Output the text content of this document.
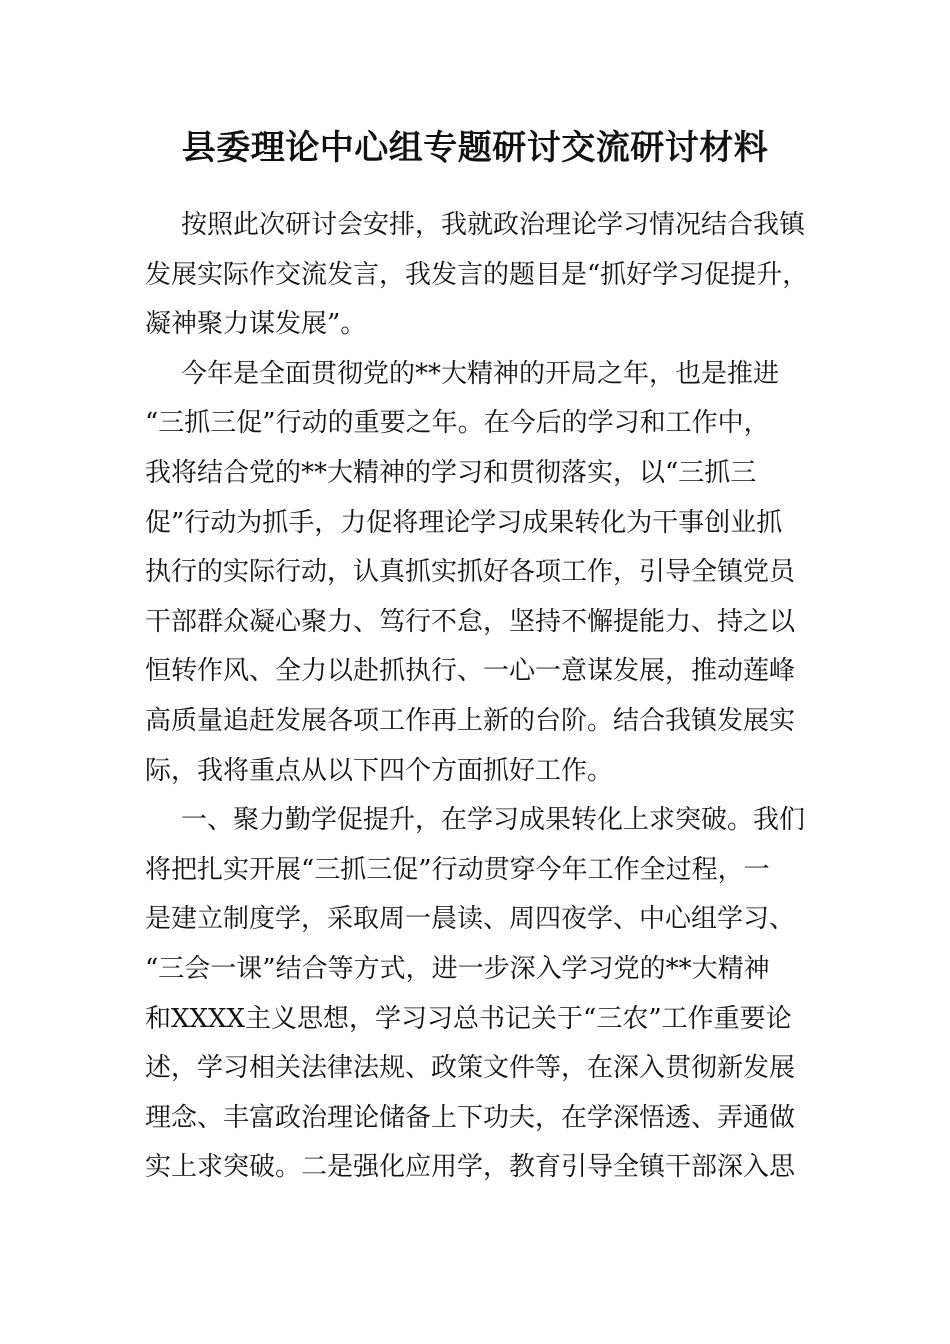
县委理论中心组专题研讨交流研讨材料

按照此次研讨会安排，我就政治理论学习情况结合我镇
发展实际作交流发言，我发言的题目是“抓好学习促提升，
凝神聚力谋发展”。

今年是全面贯彻党的**大精神的开局之年，也是推进
“三抓三促”行动的重要之年。在今后的学习和工作中，
我将结合党的**大精神的学习和贯彻落实，以“三抓三
促”行动为抓手，力促将理论学习成果转化为干事创业抓
执行的实际行动，认真抓实抓好各项工作，引导全镇党员
干部群众凝心聚力、笃行不怠，坚持不懈提能力、持之以
恒转作风、全力以赴抓执行、一心一意谋发展，推动莲峰
高质量追赶发展各项工作再上新的台阶。结合我镇发展实
际，我将重点从以下四个方面抓好工作。

一、聚力勤学促提升，在学习成果转化上求突破。我们
将把扎实开展“三抓三促”行动贯穿今年工作全过程，一
是建立制度学，采取周一晨读、周四夜学、中心组学习、
“三会一课”结合等方式，进一步深入学习党的**大精神
和XXXX主义思想，学习习总书记关于“三农”工作重要论
述，学习相关法律法规、政策文件等，在深入贯彻新发展
理念、丰富政治理论储备上下功夫，在学深悟透、弄通做
实上求突破。二是强化应用学，教育引导全镇干部深入思
